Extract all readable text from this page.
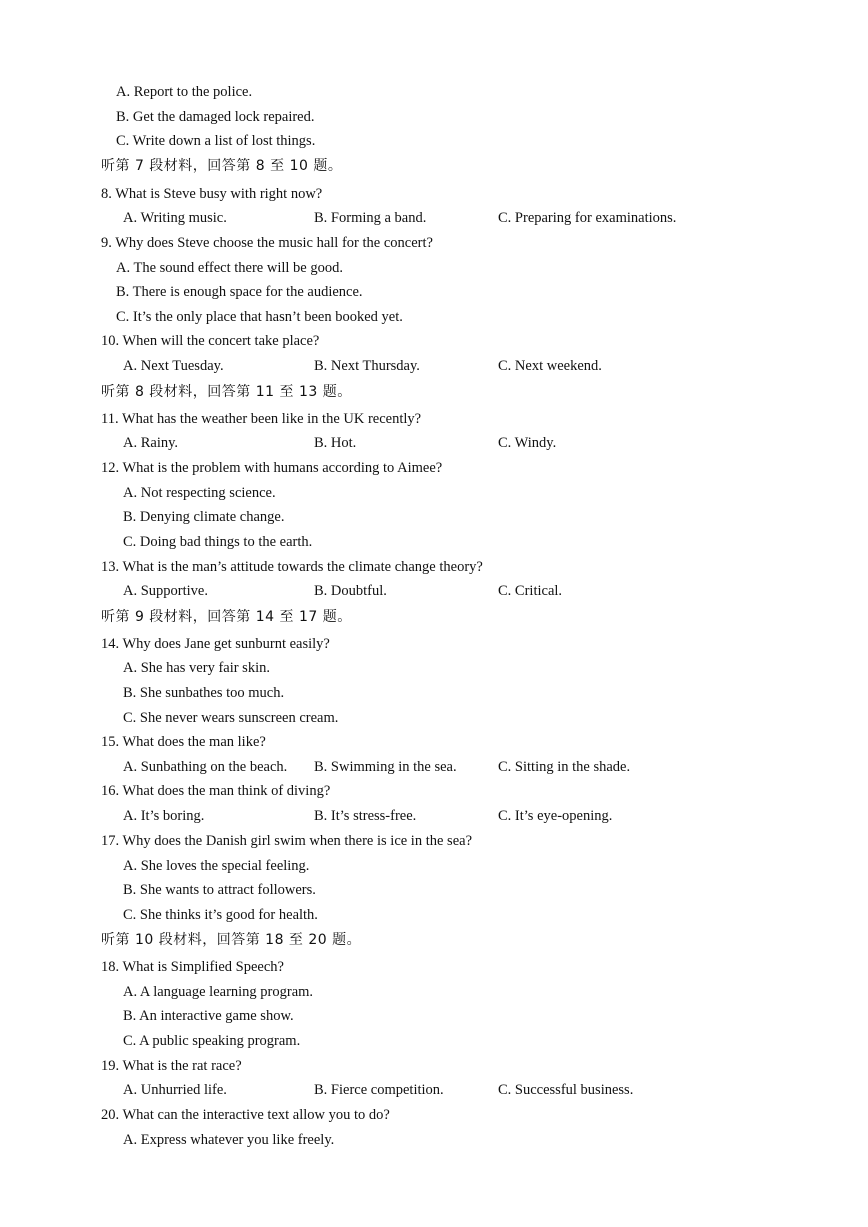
A. Report to the police.
B. Get the damaged lock repaired.
C. Write down a list of lost things.
听第 7 段材料，回答第 8 至 10 题。
8. What is Steve busy with right now?
A. Writing music.	B. Forming a band.	C. Preparing for examinations.
9. Why does Steve choose the music hall for the concert?
A. The sound effect there will be good.
B. There is enough space for the audience.
C. It’s the only place that hasn’t been booked yet.
10. When will the concert take place?
A. Next Tuesday.	B. Next Thursday.	C. Next weekend.
听第 8 段材料，回答第 11 至 13 题。
11. What has the weather been like in the UK recently?
A. Rainy.	B. Hot.	C. Windy.
12. What is the problem with humans according to Aimee?
A. Not respecting science.
B. Denying climate change.
C. Doing bad things to the earth.
13. What is the man’s attitude towards the climate change theory?
A. Supportive.	B. Doubtful.	C. Critical.
听第 9 段材料，回答第 14 至 17 题。
14. Why does Jane get sunburnt easily?
A. She has very fair skin.
B. She sunbathes too much.
C. She never wears sunscreen cream.
15. What does the man like?
A. Sunbathing on the beach. B. Swimming in the sea.	C. Sitting in the shade.
16. What does the man think of diving?
A. It’s boring.	B. It’s stress-free.	C. It’s eye-opening.
17. Why does the Danish girl swim when there is ice in the sea?
A. She loves the special feeling.
B. She wants to attract followers.
C. She thinks it’s good for health.
听第 10 段材料，回答第 18 至 20 题。
18. What is Simplified Speech?
A. A language learning program.
B. An interactive game show.
C. A public speaking program.
19. What is the rat race?
A. Unhurried life.	B. Fierce competition.	C. Successful business.
20. What can the interactive text allow you to do?
A. Express whatever you like freely.
